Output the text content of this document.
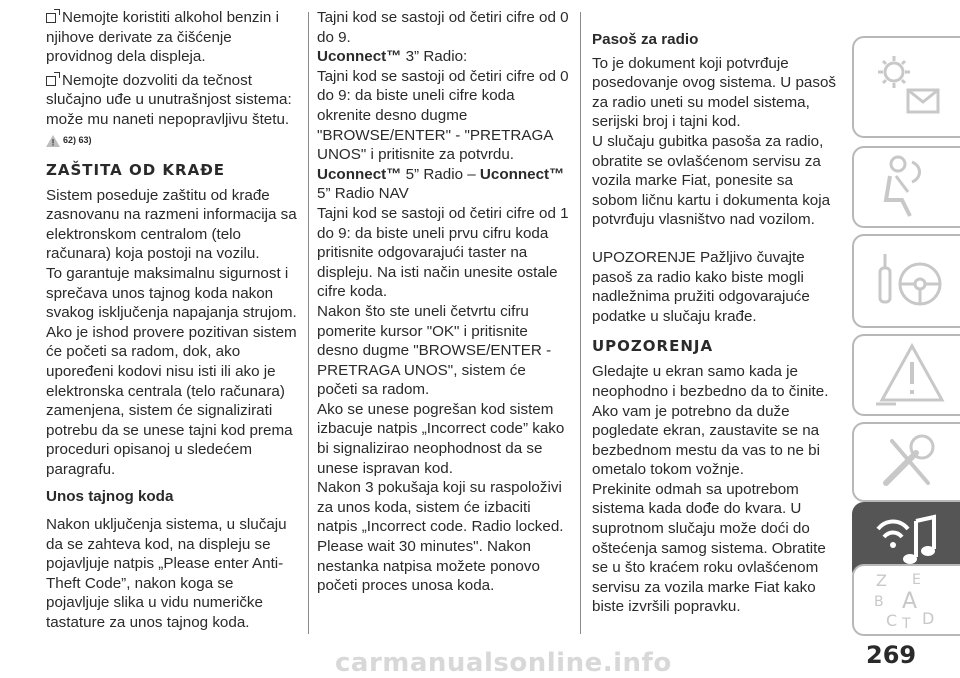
Nemojte koristiti alkohol benzin i njihove derivate za čišćenje providnog dela displeja.

Nemojte dozvoliti da tečnost slučajno uđe u unutrašnjost sistema: može mu naneti nepopravljivu štetu.

62) 63)
ZAŠTITA OD KRAĐE

Sistem poseduje zaštitu od krađe zasnovanu na razmeni informacija sa elektronskom centralom (telo računara) koja postoji na vozilu.

To garantuje maksimalnu sigurnost i sprečava unos tajnog koda nakon svakog isključenja napajanja strujom. Ako je ishod provere pozitivan sistem će početi sa radom, dok, ako upoređeni kodovi nisu isti ili ako je elektronska centrala (telo računara) zamenjena, sistem će signalizirati potrebu da se unese tajni kod prema proceduri opisanoj u sledećem paragrafu.

Unos tajnog koda

Nakon uključenja sistema, u slučaju da se zahteva kod, na displeju se pojavljuje natpis „Please enter Anti-Theft Code”, nakon koga se pojavljuje slika u vidu numeričke tastature za unos tajnog koda.

Tajni kod se sastoji od četiri cifre od 0 do 9.

Uconnect™ 3” Radio:

Tajni kod se sastoji od četiri cifre od 0 do 9: da biste uneli cifre koda okrenite desno dugme "BROWSE/ENTER" - "PRETRAGA UNOS" i pritisnite za potvrdu.

Uconnect™ 5” Radio – Uconnect™

5” Radio NAV

Tajni kod se sastoji od četiri cifre od 1 do 9: da biste uneli prvu cifru koda pritisnite odgovarajući taster na displeju. Na isti način unesite ostale cifre koda.

Nakon što ste uneli četvrtu cifru pomerite kursor "OK" i pritisnite desno dugme "BROWSE/ENTER - PRETRAGA UNOS", sistem će početi sa radom.

Ako se unese pogrešan kod sistem izbacuje natpis „Incorrect code” kako bi signalizirao neophodnost da se unese ispravan kod.

Nakon 3 pokušaja koji su raspoloživi za unos koda, sistem će izbaciti natpis „Incorrect code. Radio locked. Please wait 30 minutes". Nakon nestanka natpisa možete ponovo početi proces unosa koda.

Pasoš za radio

To je dokument koji potvrđuje posedovanje ovog sistema. U pasoš za radio uneti su model sistema, serijski broj i tajni kod.

U slučaju gubitka pasoša za radio, obratite se ovlašćenom servisu za vozila marke Fiat, ponesite sa sobom ličnu kartu i dokumenta koja potvrđuju vlasništvo nad vozilom.

UPOZORENJE Pažljivo čuvajte pasoš za radio kako biste mogli nadležnima pružiti odgovarajuće podatke u slučaju krađe.

UPOZORENJA

Gledajte u ekran samo kada je neophodno i bezbedno da to činite. Ako vam je potrebno da duže pogledate ekran, zaustavite se na bezbednom mestu da vas to ne bi ometalo tokom vožnje.

Prekinite odmah sa upotrebom sistema kada dođe do kvara. U suprotnom slučaju može doći do oštećenja samog sistema. Obratite se u što kraćem roku ovlašćenom servisu za vozila marke Fiat kako biste izvršili popravku.

Z E
B A
C T D
carmanualsonline.info	269
